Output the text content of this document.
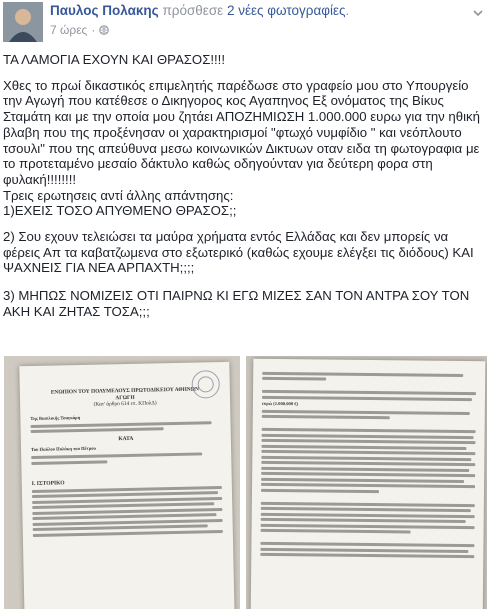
Παυλος Πολακης πρόσθεσε 2 νέες φωτογραφίες.
7 ώρες ·

ΤΑ ΛΑΜΟΓΙΑ ΕΧΟΥΝ ΚΑΙ ΘΡΑΣΟΣ!!!!

Χθες το πρωί δικαστικός επιμελητής παρέδωσε στο γραφείο μου στο Υπουργείο την Αγωγή που κατέθεσε ο Δικηγορος κος Αγαπηνος Εξ ονόματος της Βίκυς Σταμάτη και με την οποία μου ζητάει ΑΠΟΖΗΜΙΩΣΗ 1.000.000 ευρω για την ηθική βλαβη που της προξένησαν οι χαρακτηρισμοί "φτωχό νυμφίδιο " και νεόπλουτο τσουλι" που της απεύθυνα μεσω κοινωνικών Δικτυων οταν ειδα τη φωτογραφια με το προτεταμένο μεσαίο δάκτυλο καθώς οδηγούνταν για δεύτερη φορα στη φυλακή!!!!!!!!

Τρεις ερωτησεις αντί άλλης απάντησης:

1)ΕΧΕΙΣ ΤΟΣΟ ΑΠΥΘΜΕΝΟ ΘΡΑΣΟΣ;;

2) Σου εχουν τελειώσει τα μαύρα χρήματα εντός Ελλάδας και δεν μπορείς να φέρεις Απ τα καβατζωμενα στο εξωτερικό (καθώς εχουμε ελέγξει τις διόδους) ΚΑΙ ΨΑΧΝΕΙΣ ΓΙΑ ΝΕΑ ΑΡΠΑΧΤΗ;;;;

3) ΜΗΠΩΣ ΝΟΜΙΖΕΙΣ ΟΤΙ ΠΑΙΡΝΩ ΚΙ ΕΓΩ ΜΙΖΕΣ ΣΑΝ ΤΟΝ ΑΝΤΡΑ ΣΟΥ ΤΟΝ ΑΚΗ ΚΑΙ ΖΗΤΑΣ ΤΟΣΑ;;;

ΕΝΩΠΙΟΝ ΤΟΥ ΠΟΛΥΜΕΛΟΥΣ ΠΡΩΤΟΔΙΚΕΙΟΥ ΑΘΗΝΩΝ
ΑΓΩΓΗ
(Κατ' άρθρο 614 επ. ΚΠολΔ)
Της Βασιλικής Τσαγκάρη
ΚΑΤΑ
Του Παύλου Πολάκη του Πέτρου
Ι. ΙΣΤΟΡΙΚΟ
ευρώ (1.000.000 €)
